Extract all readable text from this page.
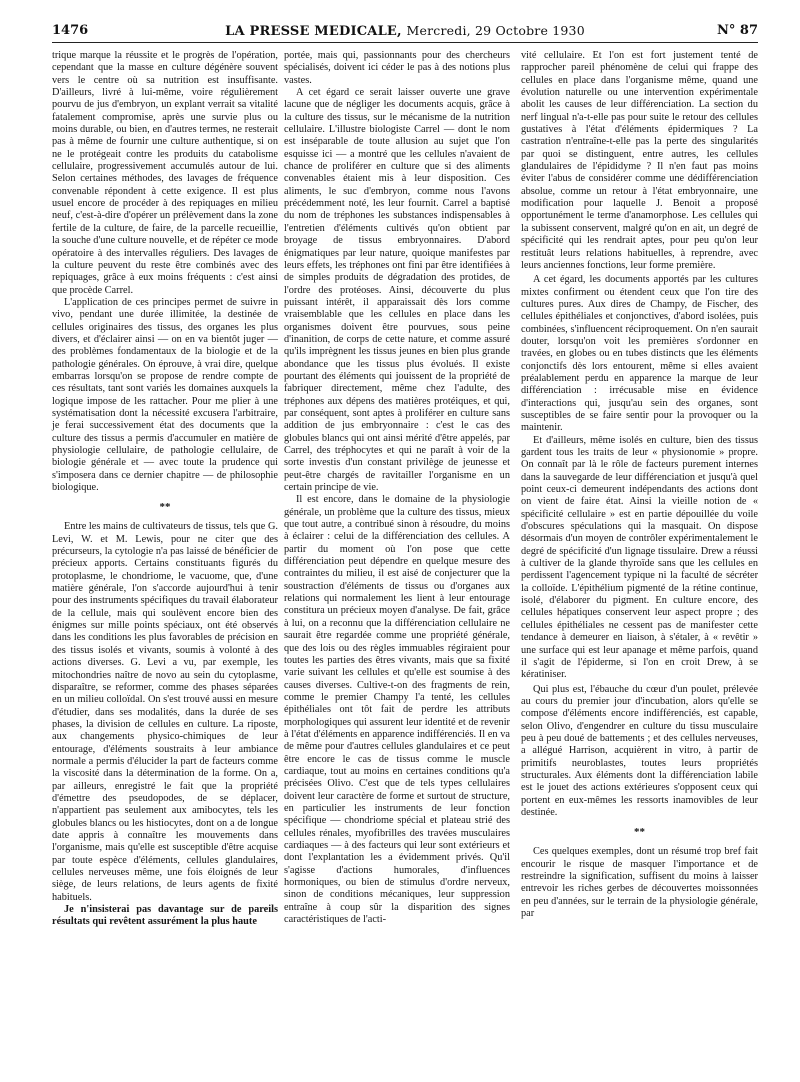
1476	LA PRESSE MEDICALE, Mercredi, 29 Octobre 1930	N° 87

trique marque la réussite et le progrès de l'opération, cependant que la masse en culture dégénère souvent vers le centre où sa nutrition est insuffisante. D'ailleurs, livré à lui-même, voire régulièrement pourvu de jus d'embryon, un explant verrait sa vitalité fatalement compromise, après une survie plus ou moins durable, ou bien, en d'autres termes, ne resterait pas à même de fournir une culture authentique, si on ne le protégeait contre les produits du catabolisme cellulaire, progressivement accumulés autour de lui. Selon certaines méthodes, des lavages de fréquence convenable répondent à cette exigence. Il est plus usuel encore de procéder à des repiquages en milieu neuf, c'est-à-dire d'opérer un prélèvement dans la zone fertile de la culture, de faire, de la parcelle recueillie, la souche d'une culture nouvelle, et de répéter ce mode opératoire à des intervalles réguliers. Des lavages de la culture peuvent du reste être combinés avec des repiquages, grâce à eux moins fréquents : c'est ainsi que procède Carrel.

L'application de ces principes permet de suivre in vivo, pendant une durée illimitée, la destinée de cellules originaires des tissus, des organes les plus divers, et d'éclairer ainsi — on en va bientôt juger — des problèmes fondamentaux de la biologie et de la pathologie générales. On éprouve, à vrai dire, quelque embarras lorsqu'on se propose de rendre compte de ces résultats, tant sont variés les domaines auxquels la logique impose de les rattacher. Pour me plier à une systématisation dont la nécessité excusera l'arbitraire, je ferai successivement état des documents que la culture des tissus a permis d'accumuler en matière de physiologie cellulaire, de pathologie cellulaire, de biologie générale et — avec toute la prudence qui s'imposera dans ce dernier chapitre — de philosophie biologique.

**

Entre les mains de cultivateurs de tissus, tels que G. Levi, W. et M. Lewis, pour ne citer que des précurseurs, la cytologie n'a pas laissé de bénéficier de précieux apports. Certains constituants figurés du protoplasme, le chondriome, le vacuome, que, d'une matière générale, l'on s'accorde aujourd'hui à tenir pour des instruments spécifiques du travail élaborateur de la cellule, mais qui soulèvent encore bien des énigmes sur mille points spéciaux, ont été observés dans les conditions les plus favorables de précision en des tissus isolés et vivants, soumis à volonté à des actions diverses. G. Levi a vu, par exemple, les mitochondries naître de novo au sein du cytoplasme, disparaître, se reformer, comme des phases séparées en un milieu colloïdal. On s'est trouvé aussi en mesure d'étudier, dans ses modalités, dans la durée de ses phases, la division de cellules en culture. La riposte, aux changements physico-chimiques de leur entourage, d'éléments soustraits à leur ambiance normale a permis d'élucider la part de facteurs comme la viscosité dans la détermination de la forme. On a, par ailleurs, enregistré le fait que la propriété d'émettre des pseudopodes, de se déplacer, n'appartient pas seulement aux amibocytes, tels les globules blancs ou les histiocytes, dont on a de longue date appris à connaître les mouvements dans l'organisme, mais qu'elle est susceptible d'être acquise par toute espèce d'éléments, cellules glandulaires, cellules nerveuses même, une fois éloignés de leur siège, de leurs relations, de leurs agents de fixité habituels.

Je n'insisterai pas davantage sur de pareils résultats qui revêtent assurément la plus haute

portée, mais qui, passionnants pour des chercheurs spécialisés, doivent ici céder le pas à des notions plus vastes.

A cet égard ce serait laisser ouverte une grave lacune que de négliger les documents acquis, grâce à la culture des tissus, sur le mécanisme de la nutrition cellulaire. L'illustre biologiste Carrel — dont le nom est inséparable de toute allusion au sujet que l'on esquisse ici — a montré que les cellules n'avaient de chance de proliférer en culture que si des aliments convenables étaient mis à leur disposition. Ces aliments, le suc d'embryon, comme nous l'avons précédemment noté, les leur fournit. Carrel a baptisé du nom de tréphones les substances indispensables à l'entretien d'éléments cultivés qu'on obtient par broyage de tissus embryonnaires. D'abord énigmatiques par leur nature, quoique manifestes par leurs effets, les tréphones ont fini par être identifiées à de simples produits de dégradation des protides, de l'ordre des protéoses. Ainsi, découverte du plus puissant intérêt, il apparaissait dès lors comme vraisemblable que les cellules en place dans les organismes doivent être pourvues, sous peine d'inanition, de corps de cette nature, et comme assuré qu'ils imprègnent les tissus jeunes en bien plus grande abondance que les tissus plus évolués. Il existe pourtant des éléments qui jouissent de la propriété de fabriquer directement, même chez l'adulte, des tréphones aux dépens des matières protéiques, et qui, par conséquent, sont aptes à proliférer en culture sans addition de jus embryonnaire : c'est le cas des globules blancs qui ont ainsi mérité d'être appelés, par Carrel, des tréphocytes et qui ne paraît à voir de la sorte investis d'un constant privilège de jeunesse et peut-être chargés de ravitailler l'organisme en un certain principe de vie.

Il est encore, dans le domaine de la physiologie générale, un problème que la culture des tissus, mieux que tout autre, a contribué sinon à résoudre, du moins à éclairer : celui de la différenciation des cellules. A partir du moment où l'on pose que cette différenciation peut dépendre en quelque mesure des contraintes du milieu, il est aisé de conjecturer que la soustraction d'éléments de tissus ou d'organes aux relations qui normalement les lient à leur entourage constitura un précieux moyen d'analyse. De fait, grâce à lui, on a reconnu que la différenciation cellulaire ne saurait être regardée comme une propriété générale, que des lois ou des règles immuables régiraient pour toutes les parties des êtres vivants, mais que sa fixité varie suivant les cellules et qu'elle est soumise à des causes diverses. Cultive-t-on des fragments de rein, comme le premier Champy l'a tenté, les cellules épithéliales ont tôt fait de perdre les attributs morphologiques qui assurent leur identité et de revenir à l'état d'éléments en apparence indifférenciés. Il en va de même pour d'autres cellules glandulaires et ce peut être encore le cas de tissus comme le muscle cardiaque, tout au moins en certaines conditions qu'a précisées Olivo. C'est que de tels types cellulaires doivent leur caractère de forme et surtout de structure, en particulier les instruments de leur fonction spécifique — chondriome spécial et plateau strié des cellules rénales, myofibrilles des travées musculaires cardiaques — à des facteurs qui leur sont extérieurs et dont l'explantation les a évidemment privés. Qu'il s'agisse d'actions humorales, d'influences hormoniques, ou bien de stimulus d'ordre nerveux, sinon de conditions mécaniques, leur suppression entraîne à coup sûr la disparition des signes caractéristiques de l'acti-

vité cellulaire. Et l'on est fort justement tenté de rapprocher pareil phénomène de celui qui frappe des cellules en place dans l'organisme même, quand une évolution naturelle ou une intervention expérimentale abolit les causes de leur différenciation. La section du nerf lingual n'a-t-elle pas pour suite le retour des cellules gustatives à l'état d'éléments épidermiques ? La castration n'entraîne-t-elle pas la perte des singularités par quoi se distinguent, entre autres, les cellules glandulaires de l'épididyme ? Il n'en faut pas moins éviter l'abus de considérer comme une dédifférenciation absolue, comme un retour à l'état embryonnaire, une modification pour laquelle J. Benoit a proposé opportunément le terme d'anamorphose. Les cellules qui la subissent conservent, malgré qu'on en ait, un degré de spécificité qui les rendrait aptes, pour peu qu'on leur restituât leurs relations habituelles, à reprendre, avec leurs anciennes fonctions, leur forme première.

A cet égard, les documents apportés par les cultures mixtes confirment ou étendent ceux que l'on tire des cultures pures. Aux dires de Champy, de Fischer, des cellules épithéliales et conjonctives, d'abord isolées, puis combinées, s'influencent réciproquement. On n'en saurait douter, lorsqu'on voit les premières s'ordonner en travées, en globes ou en tubes distincts que les éléments conjonctifs dès lors entourent, même si elles avaient préalablement perdu en apparence la marque de leur différenciation : irrécusable mise en évidence d'interactions qui, jusqu'au sein des organes, sont susceptibles de se faire sentir pour la provoquer ou la maintenir.

Et d'ailleurs, même isolés en culture, bien des tissus gardent tous les traits de leur « physionomie » propre. On connaît par là le rôle de facteurs purement internes dans la sauvegarde de leur différenciation et jusqu'à quel point ceux-ci demeurent indépendants des actions dont on vient de faire état. Ainsi la vieille notion de « spécificité cellulaire » est en partie dépouillée du voile d'obscures spéculations qui la masquait. On dispose désormais d'un moyen de contrôler expérimentalement le degré de spécificité d'un lignage tissulaire. Drew a réussi à cultiver de la glande thyroïde sans que les cellules en perdissent l'agencement typique ni la faculté de sécréter la colloïde. L'épithélium pigmenté de la rétine continue, isolé, d'élaborer du pigment. En culture encore, des cellules hépatiques conservent leur aspect propre ; des cellules épithéliales ne cessent pas de manifester cette tendance à demeurer en liaison, à s'étaler, à « revêtir » une surface qui est leur apanage et même parfois, quand il s'agit de l'épiderme, si l'on en croit Drew, à se kératiniser.

Qui plus est, l'ébauche du cœur d'un poulet, prélevée au cours du premier jour d'incubation, alors qu'elle se compose d'éléments encore indifférenciés, est capable, selon Olivo, d'engendrer en culture du tissu musculaire peu à peu doué de battements ; et des cellules nerveuses, a allégué Harrison, acquièrent in vitro, à partir de primitifs neuroblastes, toutes leurs propriétés structurales. Aux éléments dont la différenciation labile est le jouet des actions extérieures s'opposent ceux qui portent en eux-mêmes les ressorts inamovibles de leur destinée.

**

Ces quelques exemples, dont un résumé trop bref fait encourir le risque de masquer l'importance et de restreindre la signification, suffisent du moins à laisser entrevoir les riches gerbes de découvertes moissonnées en peu d'années, sur le terrain de la physiologie générale, par
